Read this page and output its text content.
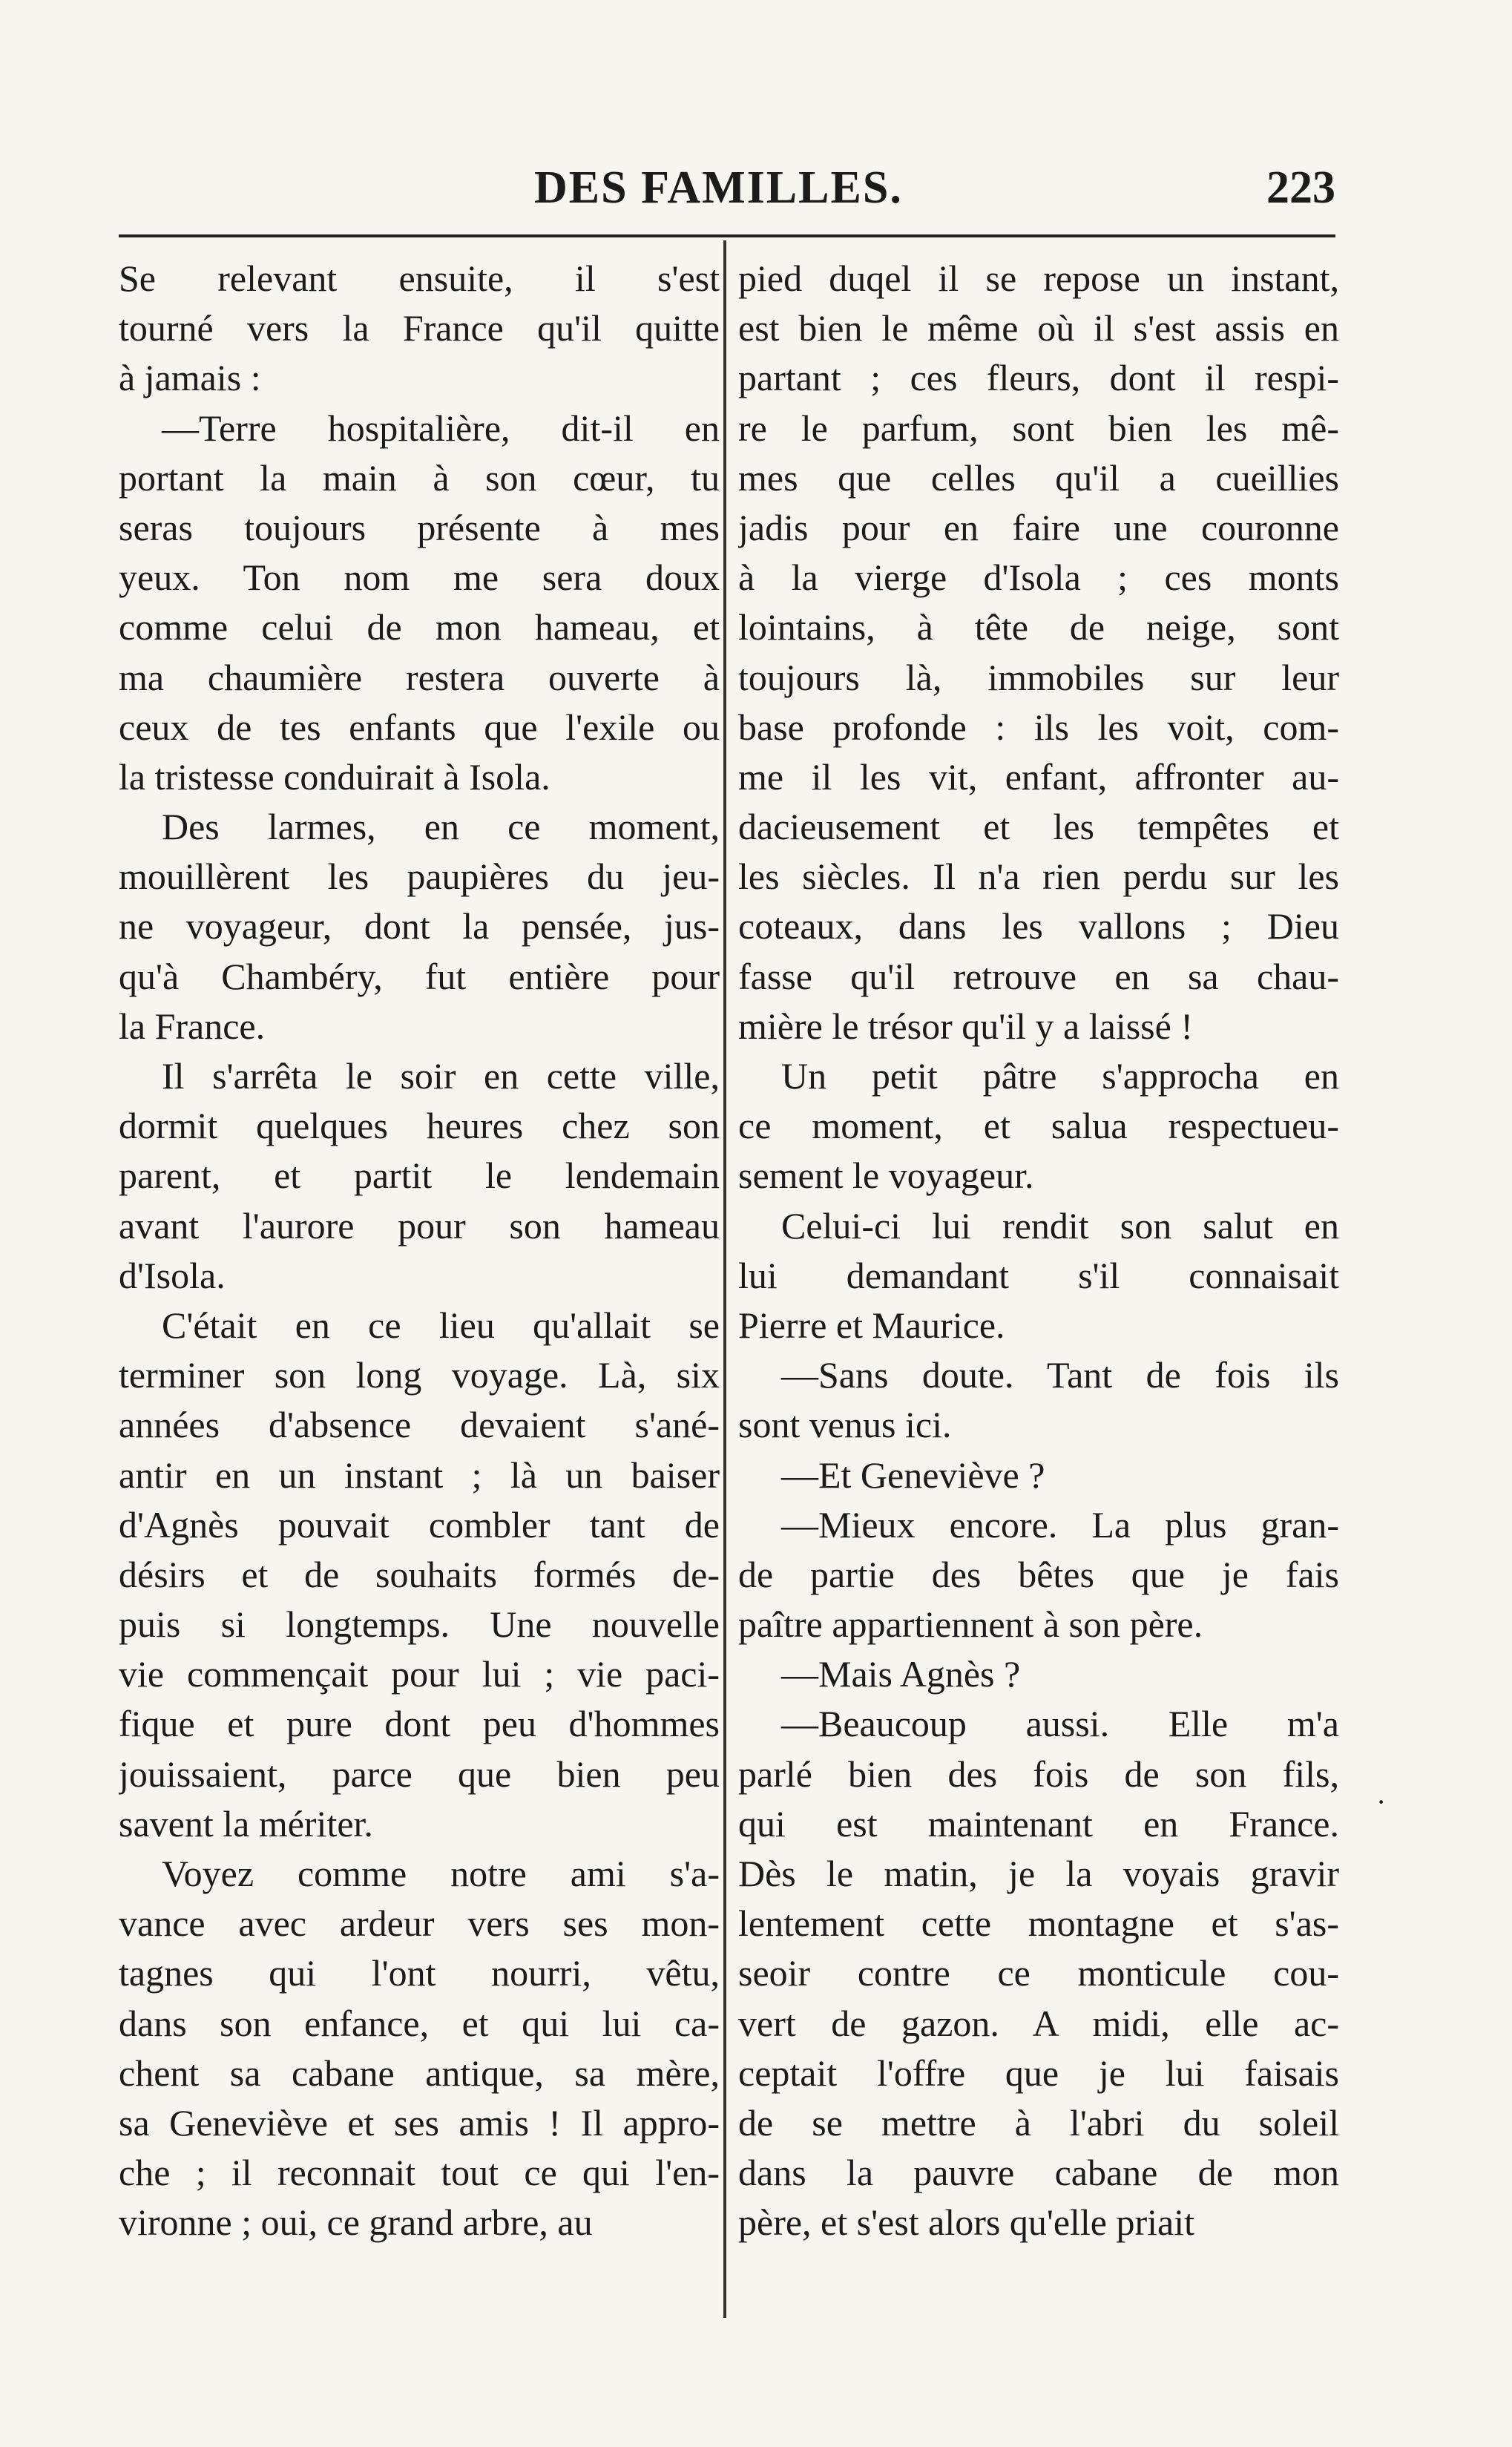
DES FAMILLES.	223
Se relevant ensuite, il s'est
tourné vers la France qu'il quitte
à jamais :
—Terre hospitalière, dit-il en
portant la main à son cœur, tu
seras toujours présente à mes
yeux. Ton nom me sera doux
comme celui de mon hameau, et
ma chaumière restera ouverte à
ceux de tes enfants que l'exile ou
la tristesse conduirait à Isola.
Des larmes, en ce moment,
mouillèrent les paupières du jeu-
ne voyageur, dont la pensée, jus-
qu'à Chambéry, fut entière pour
la France.
Il s'arrêta le soir en cette ville,
dormit quelques heures chez son
parent, et partit le lendemain
avant l'aurore pour son hameau
d'Isola.
C'était en ce lieu qu'allait se
terminer son long voyage. Là, six
années d'absence devaient s'ané-
antir en un instant ; là un baiser
d'Agnès pouvait combler tant de
désirs et de souhaits formés de-
puis si longtemps. Une nouvelle
vie commençait pour lui ; vie paci-
fique et pure dont peu d'hommes
jouissaient, parce que bien peu
savent la mériter.
Voyez comme notre ami s'a-
vance avec ardeur vers ses mon-
tagnes qui l'ont nourri, vêtu,
dans son enfance, et qui lui ca-
chent sa cabane antique, sa mère,
sa Geneviève et ses amis ! Il appro-
che ; il reconnait tout ce qui l'en-
vironne ; oui, ce grand arbre, au
pied duqel il se repose un instant,
est bien le même où il s'est assis en
partant ; ces fleurs, dont il respi-
re le parfum, sont bien les mê-
mes que celles qu'il a cueillies
jadis pour en faire une couronne
à la vierge d'Isola ; ces monts
lointains, à tête de neige, sont
toujours là, immobiles sur leur
base profonde : ils les voit, com-
me il les vit, enfant, affronter au-
dacieusement et les tempêtes et
les siècles. Il n'a rien perdu sur les
coteaux, dans les vallons ; Dieu
fasse qu'il retrouve en sa chau-
mière le trésor qu'il y a laissé !
Un petit pâtre s'approcha en
ce moment, et salua respectueu-
sement le voyageur.
Celui-ci lui rendit son salut en
lui demandant s'il connaisait
Pierre et Maurice.
—Sans doute. Tant de fois ils
sont venus ici.
—Et Geneviève ?
—Mieux encore. La plus gran-
de partie des bêtes que je fais
paître appartiennent à son père.
—Mais Agnès ?
—Beaucoup aussi. Elle m'a
parlé bien des fois de son fils,
qui est maintenant en France.
Dès le matin, je la voyais gravir
lentement cette montagne et s'as-
seoir contre ce monticule cou-
vert de gazon. A midi, elle ac-
ceptait l'offre que je lui faisais
de se mettre à l'abri du soleil
dans la pauvre cabane de mon
père, et s'est alors qu'elle priait
·
